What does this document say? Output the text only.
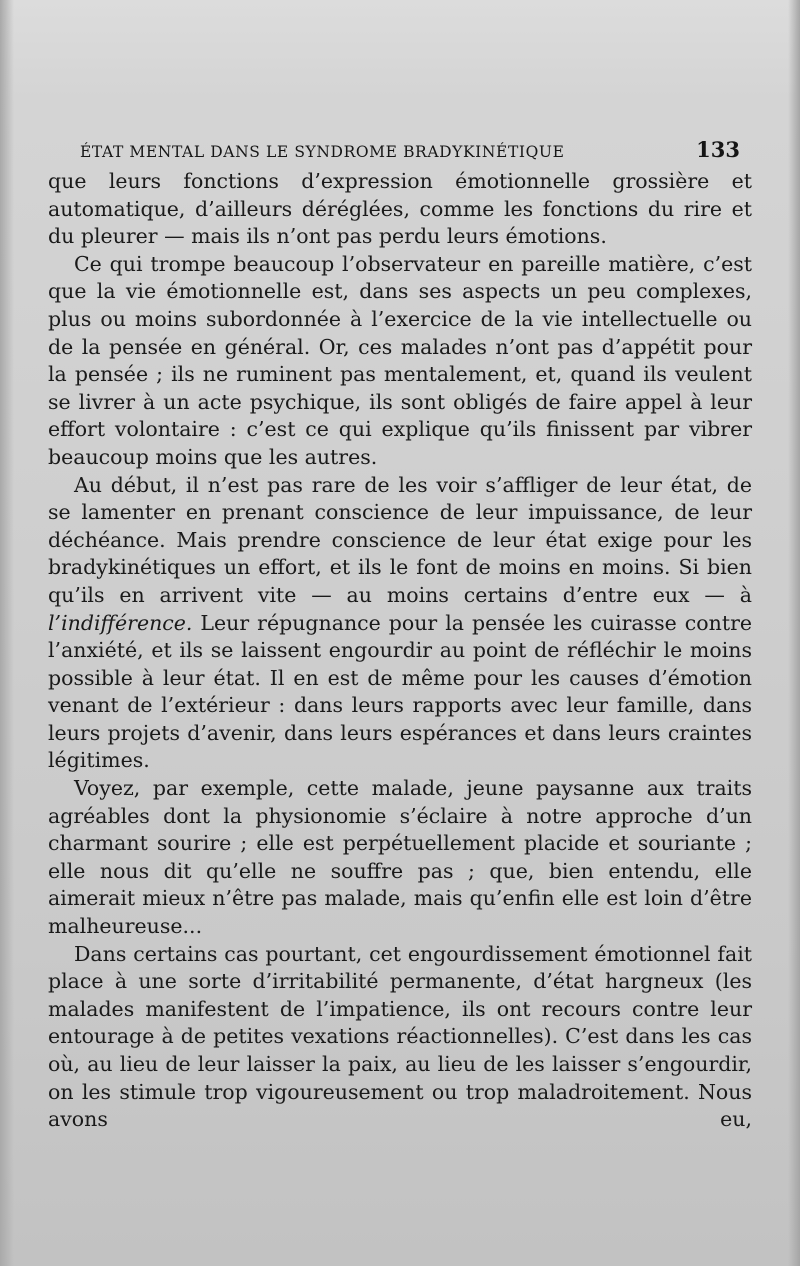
ÉTAT MENTAL DANS LE SYNDROME BRADYKINÉTIQUE	133

que leurs fonctions d’expression émotionnelle grossière et automatique, d’ailleurs déréglées, comme les fonctions du rire et du pleurer — mais ils n’ont pas perdu leurs émotions.

Ce qui trompe beaucoup l’observateur en pareille matière, c’est que la vie émotionnelle est, dans ses aspects un peu complexes, plus ou moins subordonnée à l’exercice de la vie intellectuelle ou de la pensée en général. Or, ces malades n’ont pas d’appétit pour la pensée ; ils ne ruminent pas mentalement, et, quand ils veulent se livrer à un acte psychique, ils sont obligés de faire appel à leur effort volontaire : c’est ce qui explique qu’ils finissent par vibrer beaucoup moins que les autres.

Au début, il n’est pas rare de les voir s’affliger de leur état, de se lamenter en prenant conscience de leur impuissance, de leur déchéance. Mais prendre conscience de leur état exige pour les bradykinétiques un effort, et ils le font de moins en moins. Si bien qu’ils en arrivent vite — au moins certains d’entre eux — à l’indifférence. Leur répugnance pour la pensée les cuirasse contre l’anxiété, et ils se laissent engourdir au point de réfléchir le moins possible à leur état. Il en est de même pour les causes d’émotion venant de l’extérieur : dans leurs rapports avec leur famille, dans leurs projets d’avenir, dans leurs espérances et dans leurs craintes légitimes.

Voyez, par exemple, cette malade, jeune paysanne aux traits agréables dont la physionomie s’éclaire à notre approche d’un charmant sourire ; elle est perpétuellement placide et souriante ; elle nous dit qu’elle ne souffre pas ; que, bien entendu, elle aimerait mieux n’être pas malade, mais qu’enfin elle est loin d’être malheureuse...

Dans certains cas pourtant, cet engourdissement émotionnel fait place à une sorte d’irritabilité permanente, d’état hargneux (les malades manifestent de l’impatience, ils ont recours contre leur entourage à de petites vexations réactionnelles). C’est dans les cas où, au lieu de leur laisser la paix, au lieu de les laisser s’engourdir, on les stimule trop vigoureusement ou trop maladroitement. Nous avons eu,
